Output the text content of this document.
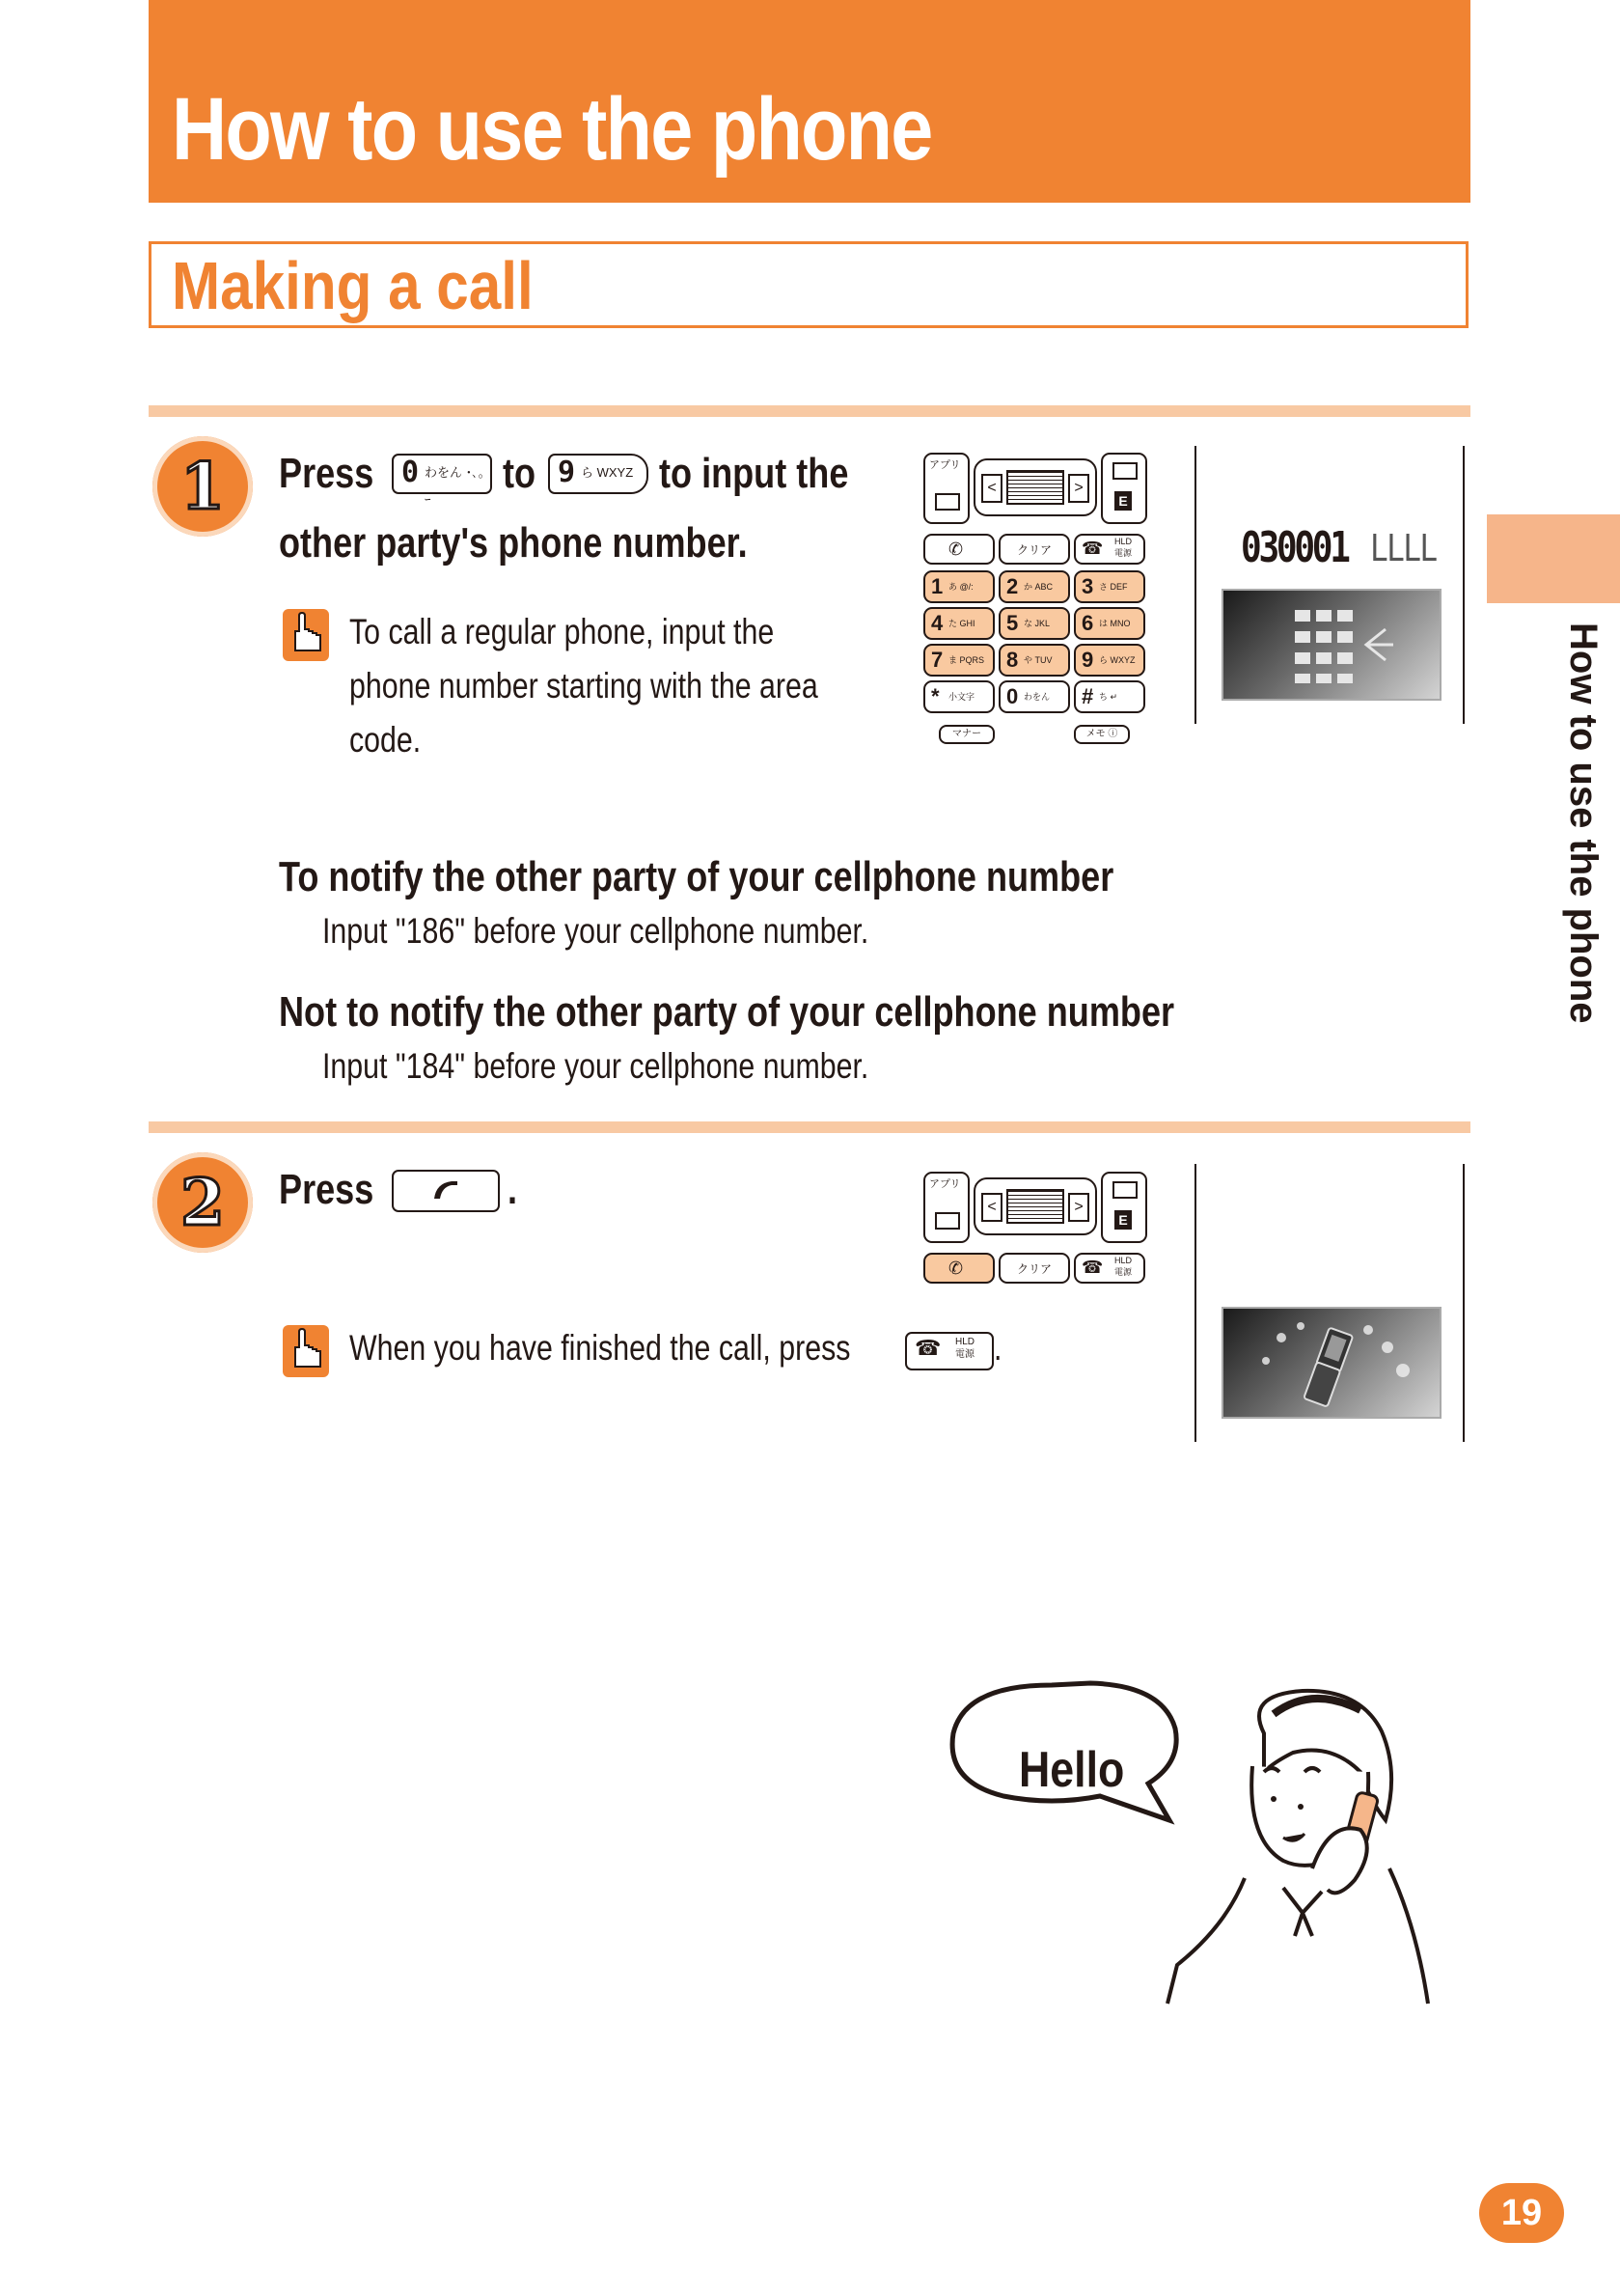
How to use the phone
Making a call
How to use the phone
1	Press 0 わをん ･､｡ｰ
to 9 ら WXYZ to input the
other party's phone number.
To call a regular phone, input the
phone number starting with the area
code.
アプリ
<	>
E
✆	クリア	☎ HLD
電源
マナー	メモ ⓘ
1 あ @/: 2 か ABC 3 さ DEF
4 た GHI 5 な JKL 6 は MNO
7 ま PQRS 8 や TUV 9 ら WXYZ
* 小文字 0 わをん # ち ↵
030001 LLLL
To notify the other party of your cellphone number
Input "186" before your cellphone number.
Not to notify the other party of your cellphone number
Input "184" before your cellphone number.
2	Press	.
When you have finished the call, press	☎ HLD
電源 .
アプリ
<	>
E
✆	クリア	☎ HLD
電源
Hello
19
